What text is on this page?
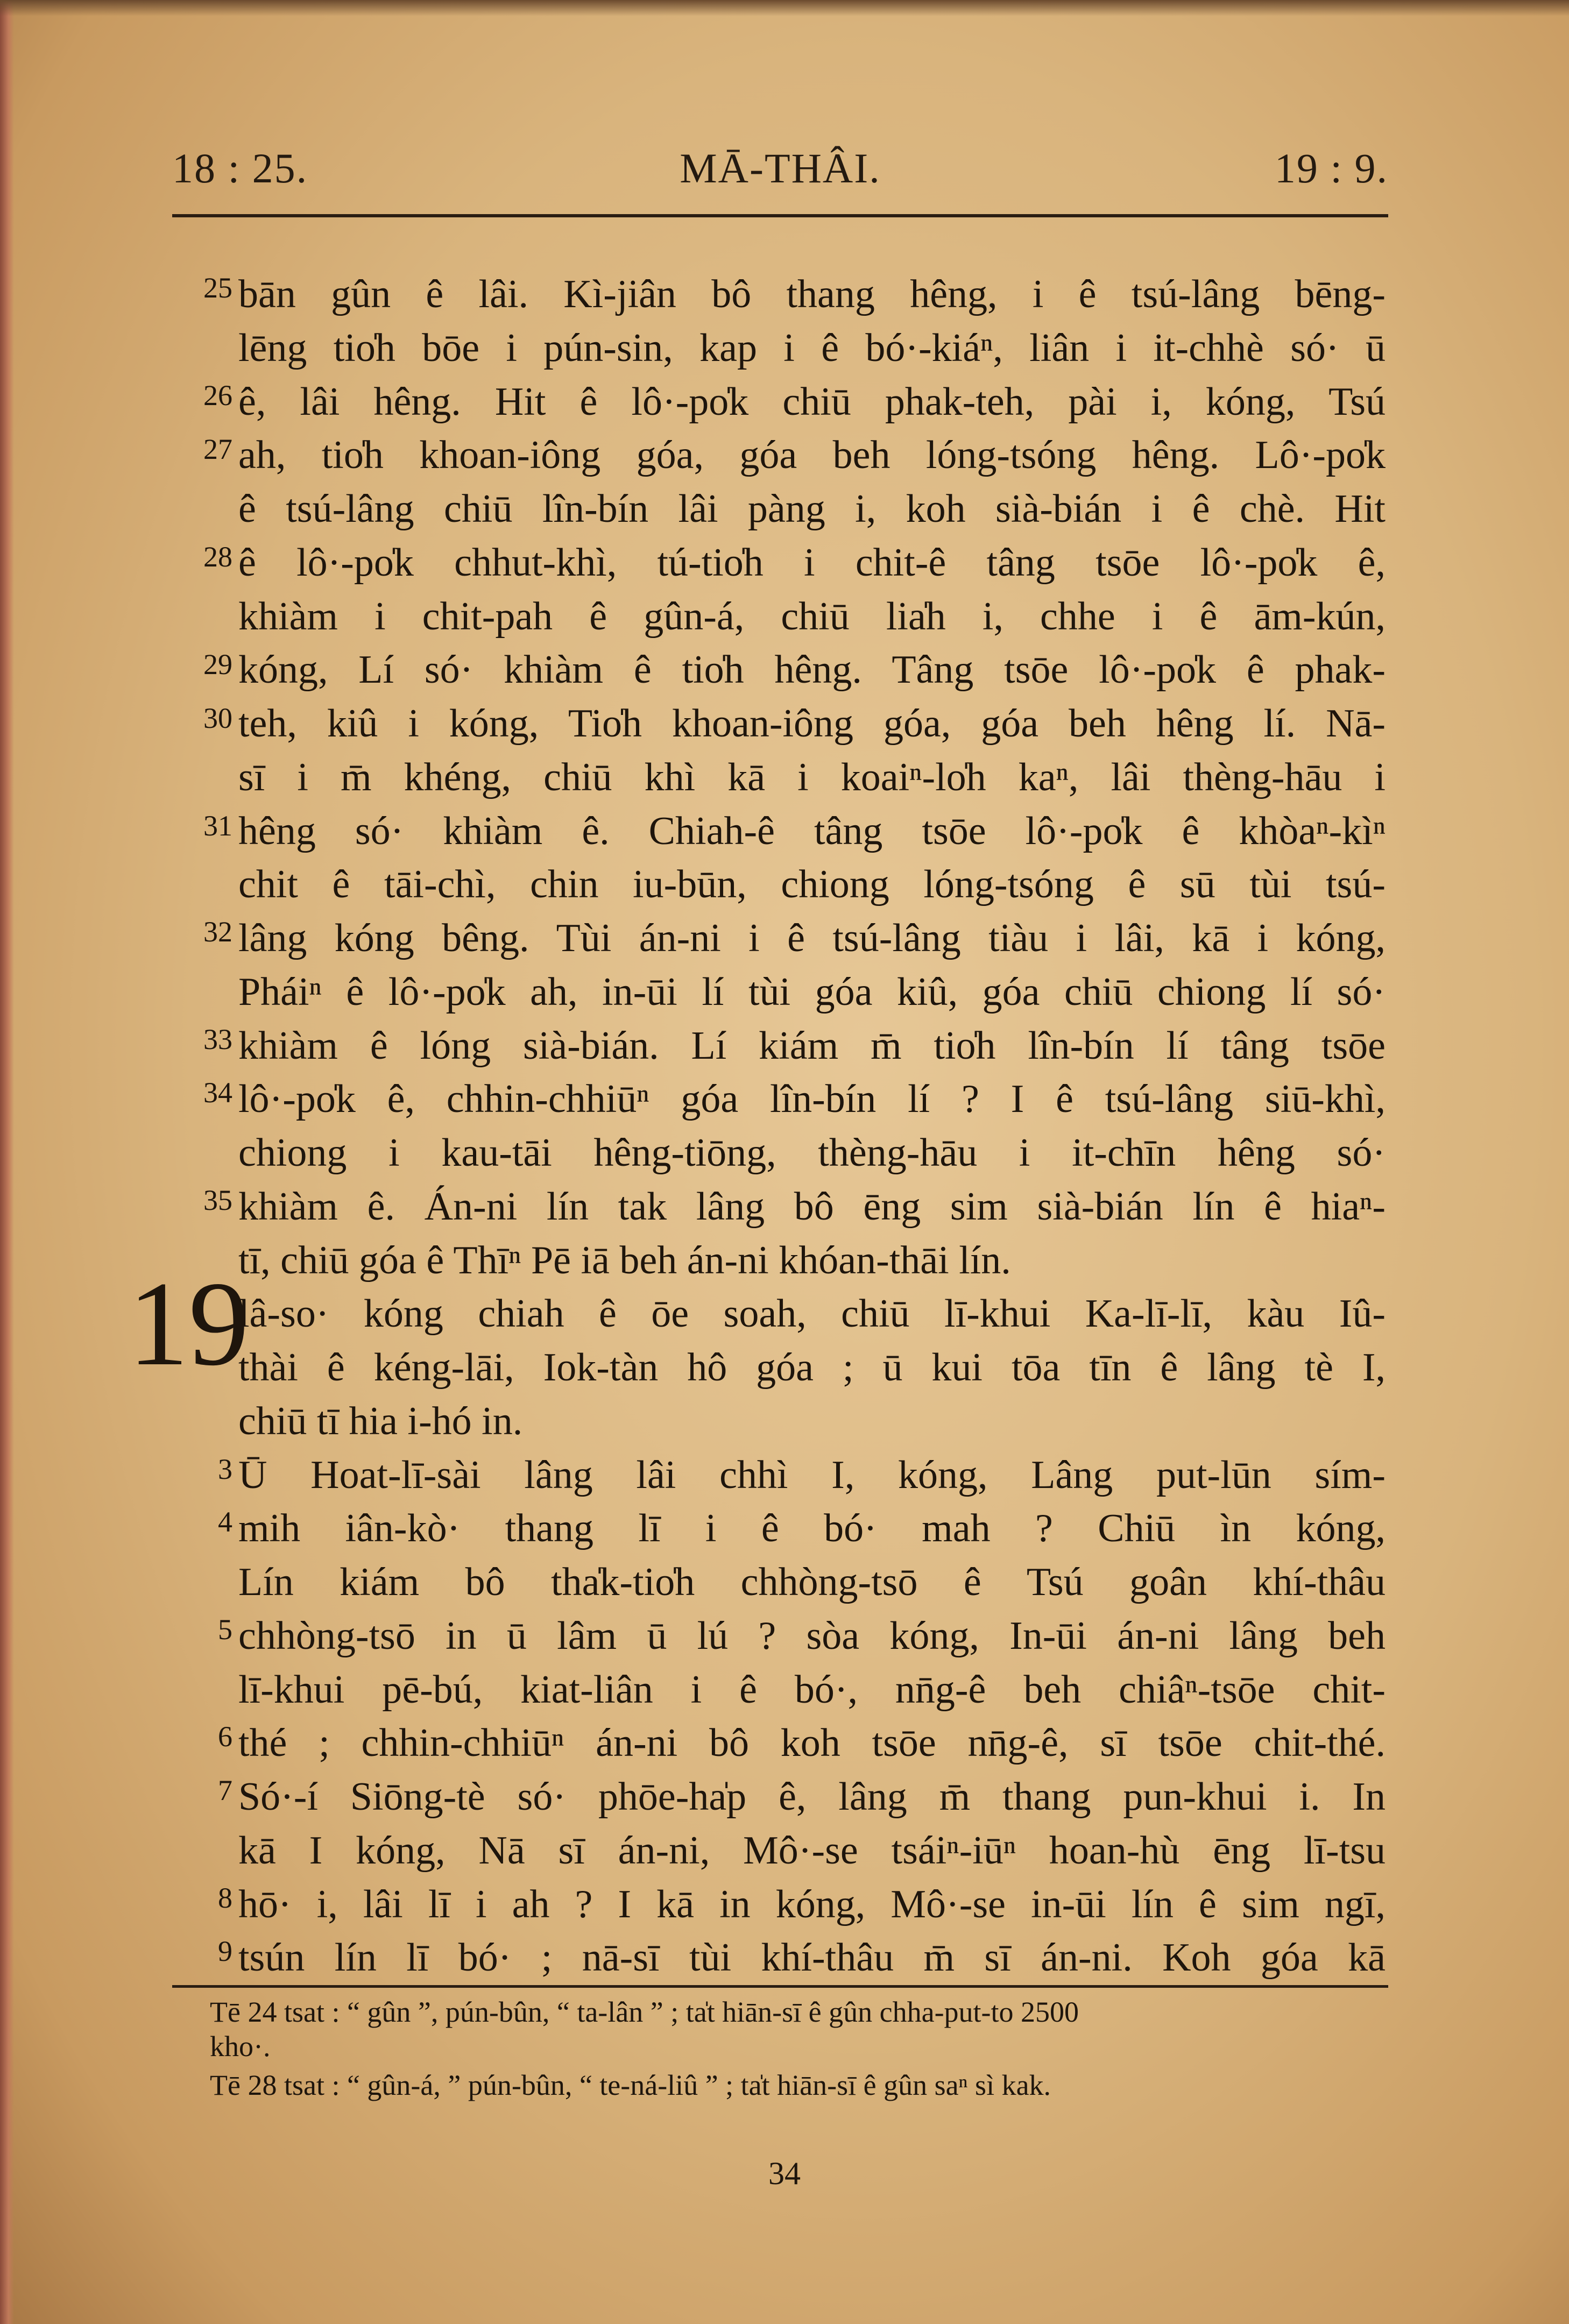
18 : 25.	MĀ-THÂI.	19 : 9.
bān gûn ê lâi. Kì-jiân bô thang hêng, i ê tsú-lâng bēng-
lēng tio̍h bōe i pún-sin, kap i ê bó·-kiáⁿ, liân i it-chhè só· ū
ê, lâi hêng. Hit ê lô·-po̍k chiū phak-teh, pài i, kóng, Tsú
ah, tio̍h khoan-iông góa, góa beh lóng-tsóng hêng. Lô·-po̍k
ê tsú-lâng chiū lîn-bín lâi pàng i, koh sià-bián i ê chè. Hit
ê lô·-po̍k chhut-khì, tú-tio̍h i chit-ê tâng tsōe lô·-po̍k ê,
khiàm i chit-pah ê gûn-á, chiū lia̍h i, chhe i ê ām-kún,
kóng, Lí só· khiàm ê tio̍h hêng. Tâng tsōe lô·-po̍k ê phak-
teh, kiû i kóng, Tio̍h khoan-iông góa, góa beh hêng lí. Nā-
sī i m̄ khéng, chiū khì kā i koaiⁿ-lo̍h kaⁿ, lâi thèng-hāu i
hêng só· khiàm ê. Chiah-ê tâng tsōe lô·-po̍k ê khòaⁿ-kìⁿ
chit ê tāi-chì, chin iu-būn, chiong lóng-tsóng ê sū tùi tsú-
lâng kóng bêng. Tùi án-ni i ê tsú-lâng tiàu i lâi, kā i kóng,
Pháiⁿ ê lô·-po̍k ah, in-ūi lí tùi góa kiû, góa chiū chiong lí só·
khiàm ê lóng sià-bián. Lí kiám m̄ tio̍h lîn-bín lí tâng tsōe
lô·-po̍k ê, chhin-chhiūⁿ góa lîn-bín lí ? I ê tsú-lâng siū-khì,
chiong i kau-tāi hêng-tiōng, thèng-hāu i it-chīn hêng só·
khiàm ê. Án-ni lín tak lâng bô ēng sim sià-bián lín ê hiaⁿ-
tī, chiū góa ê Thīⁿ Pē iā beh án-ni khóan-thāi lín.
lâ-so· kóng chiah ê ōe soah, chiū lī-khui Ka-lī-lī, kàu Iû-
thài ê kéng-lāi, Iok-tàn hô góa ; ū kui tōa tīn ê lâng tè I,
chiū tī hia i-hó in.
Ū Hoat-lī-sài lâng lâi chhì I, kóng, Lâng put-lūn sím-
mih iân-kò· thang lī i ê bó· mah ? Chiū ìn kóng,
Lín kiám bô tha̍k-tio̍h chhòng-tsō ê Tsú goân khí-thâu
chhòng-tsō in ū lâm ū lú ? sòa kóng, In-ūi án-ni lâng beh
lī-khui pē-bú, kiat-liân i ê bó·, nn̄g-ê beh chiâⁿ-tsōe chit-
thé ; chhin-chhiūⁿ án-ni bô koh tsōe nn̄g-ê, sī tsōe chit-thé.
Só·-í Siōng-tè só· phōe-ha̍p ê, lâng m̄ thang pun-khui i. In
kā I kóng, Nā sī án-ni, Mô·-se tsáiⁿ-iūⁿ hoan-hù ēng lī-tsu
hō· i, lâi lī i ah ? I kā in kóng, Mô·-se in-ūi lín ê sim ngī,
tsún lín lī bó· ; nā-sī tùi khí-thâu m̄ sī án-ni. Koh góa kā
25
26
27
28
29
30
31
32
33
34
35
3
4
5
6
7
8
9
19
Tē 24 tsat : “ gûn ”, pún-bûn, “ ta-lân ” ; ta̍t hiān-sī ê gûn chha-put-to 2500
kho·.
Tē 28 tsat : “ gûn-á, ” pún-bûn, “ te-ná-liû ” ; ta̍t hiān-sī ê gûn saⁿ sì kak.
34
